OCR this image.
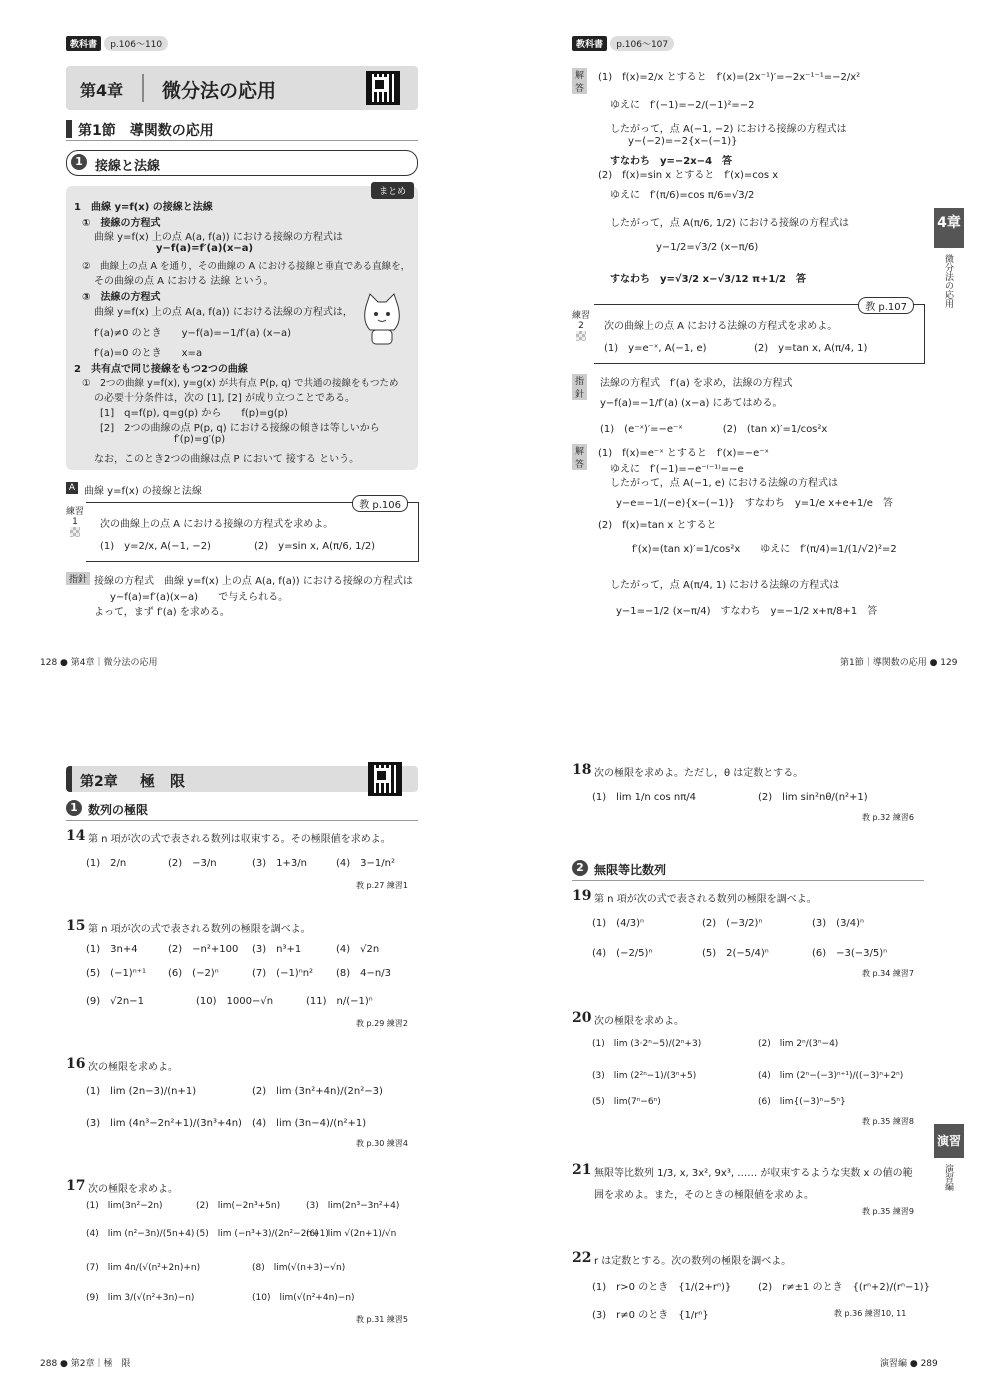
教科書 p.106〜110
第4章 微分法の応用
第1節　導関数の応用
1 接線と法線
まとめ
1　曲線 y=f(x) の接線と法線
①　接線の方程式
曲線 y=f(x) 上の点 A(a, f(a)) における接線の方程式は
y−f(a)=f′(a)(x−a)
②　曲線上の点 A を通り，その曲線の A における接線と垂直である直線を，
その曲線の点 A における 法線 という。
③　法線の方程式
曲線 y=f(x) 上の点 A(a, f(a)) における法線の方程式は，
f′(a)≠0 のとき　　y−f(a)=−1/f′(a) (x−a)
f′(a)=0 のとき　　x=a
2　共有点で同じ接線をもつ2つの曲線
①　2つの曲線 y=f(x), y=g(x) が共有点 P(p, q) で共通の接線をもつため
の必要十分条件は，次の [1], [2] が成り立つことである。
[1]　q=f(p), q=g(p) から　　f(p)=g(p)
[2]　2つの曲線の点 P(p, q) における接線の傾きは等しいから
f′(p)=g′(p)
なお，このとき2つの曲線は点 P において 接する という。
A 曲線 y=f(x) の接線と法線
教 p.106
次の曲線上の点 A における接線の方程式を求めよ。
(1)　y=2/x, A(−1, −2)	(2)　y=sin x, A(π/6, 1/2)
練習
1
指針 接線の方程式　曲線 y=f(x) 上の点 A(a, f(a)) における接線の方程式は
y−f(a)=f′(a)(x−a)　　で与えられる。
よって，まず f′(a) を求める。
128 ● 第4章｜微分法の応用
教科書 p.106〜107
解答
(1)　f(x)=2/x とすると　f′(x)=(2x⁻¹)′=−2x⁻¹⁻¹=−2/x²
ゆえに　f′(−1)=−2/(−1)²=−2
したがって，点 A(−1, −2) における接線の方程式は
y−(−2)=−2{x−(−1)}
すなわち　y=−2x−4　答
(2)　f(x)=sin x とすると　f′(x)=cos x
ゆえに　f′(π/6)=cos π/6=√3/2
したがって，点 A(π/6, 1/2) における接線の方程式は
y−1/2=√3/2 (x−π/6)
すなわち　y=√3/2 x−√3/12 π+1/2　答
教 p.107
次の曲線上の点 A における法線の方程式を求めよ。
(1)　y=e⁻ˣ, A(−1, e)	(2)　y=tan x, A(π/4, 1)
練習
2
指針
法線の方程式　f′(a) を求め，法線の方程式
y−f(a)=−1/f′(a) (x−a) にあてはめる。
(1)　(e⁻ˣ)′=−e⁻ˣ　　　　(2)　(tan x)′=1/cos²x
解答
(1)　f(x)=e⁻ˣ とすると　f′(x)=−e⁻ˣ
ゆえに　f′(−1)=−e⁻⁽⁻¹⁾=−e
したがって，点 A(−1, e) における法線の方程式は
y−e=−1/(−e){x−(−1)}　すなわち　y=1/e x+e+1/e　答
(2)　f(x)=tan x とすると
f′(x)=(tan x)′=1/cos²x　　ゆえに　f′(π/4)=1/(1/√2)²=2
したがって，点 A(π/4, 1) における法線の方程式は
y−1=−1/2 (x−π/4)　すなわち　y=−1/2 x+π/8+1　答
4章
微分法の応用
第1節｜導関数の応用 ● 129
第2章 極　限
1 数列の極限
14 第 n 項が次の式で表される数列は収束する。その極限値を求めよ。
(1)　2/n	(2)　−3/n	(3)　1+3/n	(4)　3−1/n²
教 p.27 練習1
15 第 n 項が次の式で表される数列の極限を調べよ。
(1)　3n+4	(2)　−n²+100 (3)　n³+1	(4)　√2n
(5)　(−1)ⁿ⁺¹ (6)　(−2)ⁿ	(7)　(−1)ⁿn² (8)　4−n/3
(9)　√2n−1	(10)　1000−√n	(11)　n/(−1)ⁿ
教 p.29 練習2
16 次の極限を求めよ。
(1)　lim (2n−3)/(n+1)	(2)　lim (3n²+4n)/(2n²−3)
(3)　lim (4n³−2n²+1)/(3n³+4n) (4)　lim (3n−4)/(n²+1)
教 p.30 練習4
17 次の極限を求めよ。
(1)　lim(3n²−2n)	(2)　lim(−2n³+5n)	(3)　lim(2n³−3n²+4)
(4)　lim (n²−3n)/(5n+4) (5)　lim (−n³+3)/(2n²−2n+1)
(6)　lim √(2n+1)/√n
(7)　lim 4n/(√(n²+2n)+n)	(8)　lim(√(n+3)−√n)
(9)　lim 3/(√(n²+3n)−n)	(10)　lim(√(n²+4n)−n)
教 p.31 練習5
288 ● 第2章｜極　限
18 次の極限を求めよ。ただし，θ は定数とする。
(1)　lim 1/n cos nπ/4	(2)　lim sin²nθ/(n²+1)
教 p.32 練習6
2 無限等比数列
19 第 n 項が次の式で表される数列の極限を調べよ。
(1)　(4/3)ⁿ	(2)　(−3/2)ⁿ	(3)　(3/4)ⁿ
(4)　(−2/5)ⁿ	(5)　2(−5/4)ⁿ	(6)　−3(−3/5)ⁿ
教 p.34 練習7
20 次の極限を求めよ。
(1)　lim (3·2ⁿ−5)/(2ⁿ+3)	(2)　lim 2ⁿ/(3ⁿ−4)
(3)　lim (2²ⁿ−1)/(3ⁿ+5)	(4)　lim (2ⁿ−(−3)ⁿ⁺¹)/((−3)ⁿ+2ⁿ)
(5)　lim(7ⁿ−6ⁿ)	(6)　lim{(−3)ⁿ−5ⁿ}
教 p.35 練習8
21 無限等比数列 1/3, x, 3x², 9x³, …… が収束するような実数 x の値の範
囲を求めよ。また，そのときの極限値を求めよ。
教 p.35 練習9
22 r は定数とする。次の数列の極限を調べよ。
(1)　r>0 のとき　{1/(2+rⁿ)}	(2)　r≠±1 のとき　{(rⁿ+2)/(rⁿ−1)}
(3)　r≠0 のとき　{1/rⁿ}	教 p.36 練習10, 11
演習
演習編
演習編 ● 289
